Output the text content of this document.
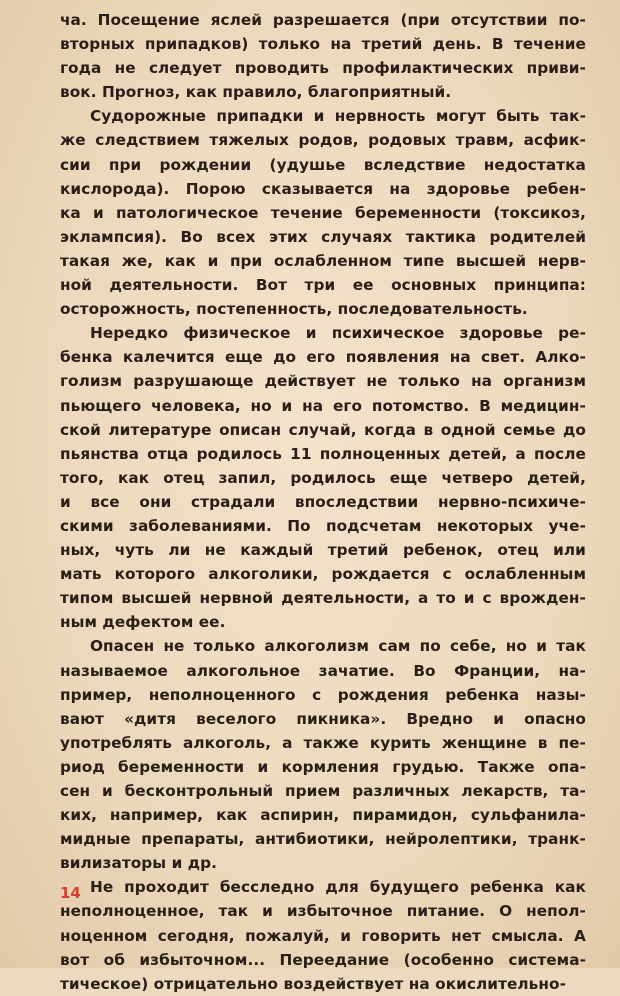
ча. Посещение яслей разрешается (при отсутствии по-
вторных припадков) только на третий день. В течение
года не следует проводить профилактических приви-
вок. Прогноз, как правило, благоприятный.
Судорожные припадки и нервность могут быть так-
же следствием тяжелых родов, родовых травм, асфик-
сии при рождении (удушье вследствие недостатка
кислорода). Порою сказывается на здоровье ребен-
ка и патологическое течение беременности (токсикоз,
эклампсия). Во всех этих случаях тактика родителей
такая же, как и при ослабленном типе высшей нерв-
ной деятельности. Вот три ее основных принципа:
осторожность, постепенность, последовательность.
Нередко физическое и психическое здоровье ре-
бенка калечится еще до его появления на свет. Алко-
голизм разрушающе действует не только на организм
пьющего человека, но и на его потомство. В медицин-
ской литературе описан случай, когда в одной семье до
пьянства отца родилось 11 полноценных детей, а после
того, как отец запил, родилось еще четверо детей,
и все они страдали впоследствии нервно-психиче-
скими заболеваниями. По подсчетам некоторых уче-
ных, чуть ли не каждый третий ребенок, отец или
мать которого алкоголики, рождается с ослабленным
типом высшей нервной деятельности, а то и с врожден-
ным дефектом ее.
Опасен не только алкоголизм сам по себе, но и так
называемое алкогольное зачатие. Во Франции, на-
пример, неполноценного с рождения ребенка назы-
вают «дитя веселого пикника». Вредно и опасно
употреблять алкоголь, а также курить женщине в пе-
риод беременности и кормления грудью. Также опа-
сен и бесконтрольный прием различных лекарств, та-
ких, например, как аспирин, пирамидон, сульфанила-
мидные препараты, антибиотики, нейролептики, транк-
вилизаторы и др.
Не проходит бесследно для будущего ребенка как
неполноценное, так и избыточное питание. О непол-
ноценном сегодня, пожалуй, и говорить нет смысла. А
вот об избыточном... Переедание (особенно система-
тическое) отрицательно воздействует на окислительно-
14
